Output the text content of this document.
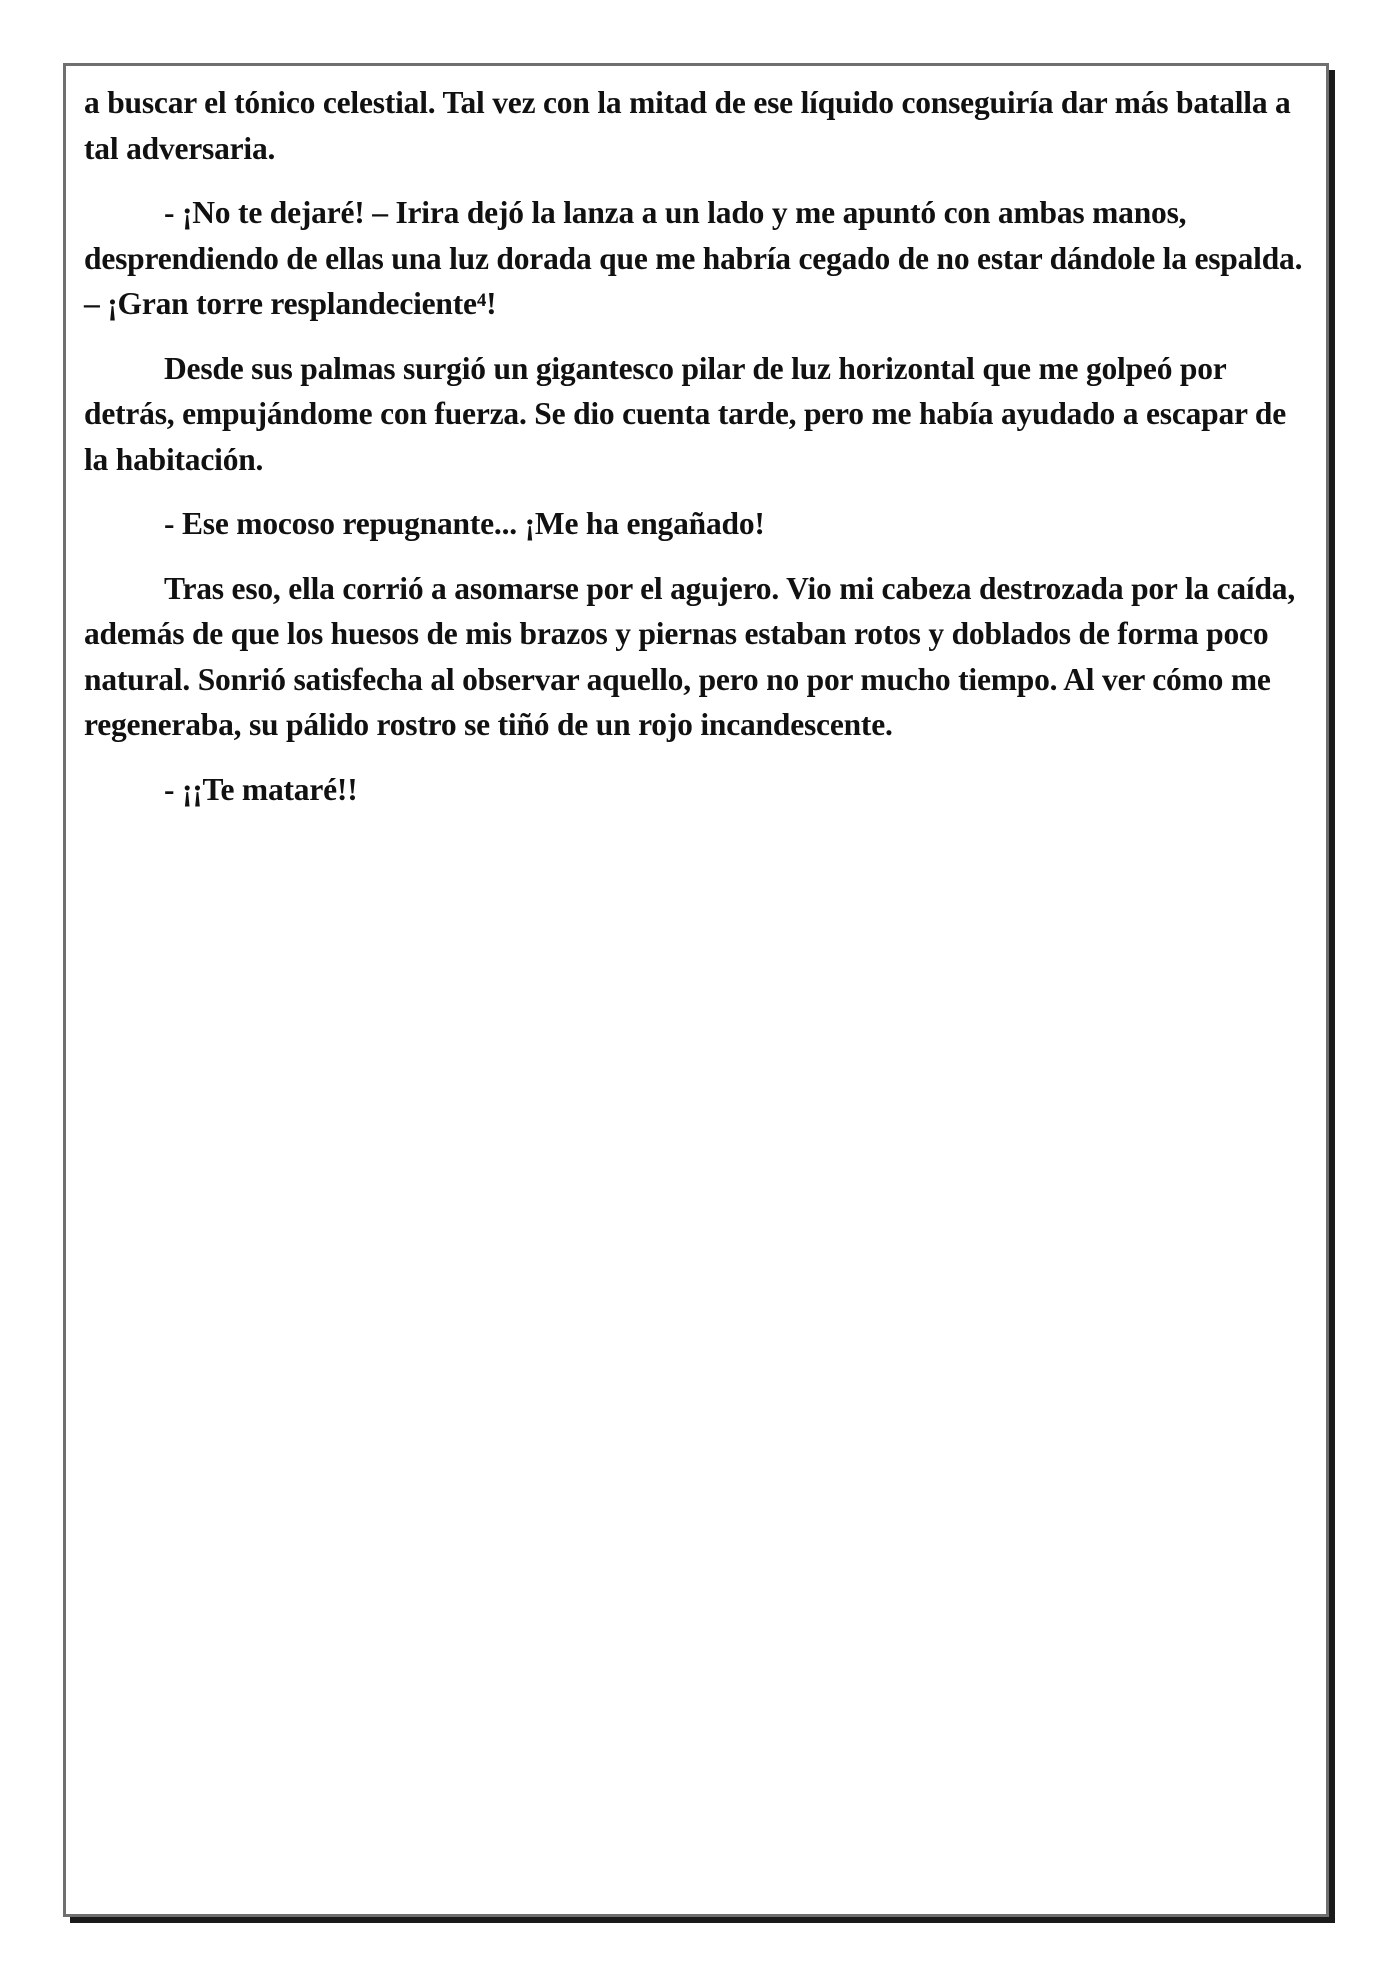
a buscar el tónico celestial. Tal vez con la mitad de ese líquido conseguiría dar más batalla a tal adversaria.

- ¡No te dejaré! – Irira dejó la lanza a un lado y me apuntó con ambas manos, desprendiendo de ellas una luz dorada que me habría cegado de no estar dándole la espalda. – ¡Gran torre resplandeciente⁴!

Desde sus palmas surgió un gigantesco pilar de luz horizontal que me golpeó por detrás, empujándome con fuerza. Se dio cuenta tarde, pero me había ayudado a escapar de la habitación.

- Ese mocoso repugnante... ¡Me ha engañado!

Tras eso, ella corrió a asomarse por el agujero. Vio mi cabeza destrozada por la caída, además de que los huesos de mis brazos y piernas estaban rotos y doblados de forma poco natural. Sonrió satisfecha al observar aquello, pero no por mucho tiempo. Al ver cómo me regeneraba, su pálido rostro se tiñó de un rojo incandescente.

- ¡¡Te mataré!!
